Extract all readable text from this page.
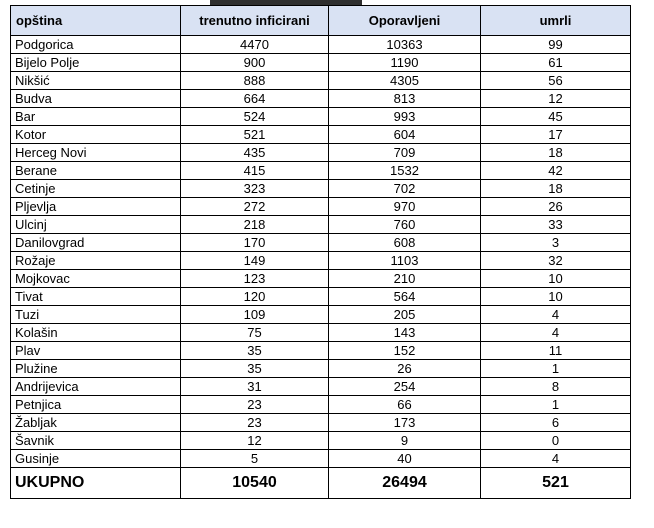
opština	trenutno inficirani	Oporavljeni	umrli
Podgorica	4470	10363	99
Bijelo Polje	900	1190	61
Nikšić	888	4305	56
Budva	664	813	12
Bar	524	993	45
Kotor	521	604	17
Herceg Novi	435	709	18
Berane	415	1532	42
Cetinje	323	702	18
Pljevlja	272	970	26
Ulcinj	218	760	33
Danilovgrad	170	608	3
Rožaje	149	1103	32
Mojkovac	123	210	10
Tivat	120	564	10
Tuzi	109	205	4
Kolašin	75	143	4
Plav	35	152	11
Plužine	35	26	1
Andrijevica	31	254	8
Petnjica	23	66	1
Žabljak	23	173	6
Šavnik	12	9	0
Gusinje	5	40	4
UKUPNO	10540	26494	521
